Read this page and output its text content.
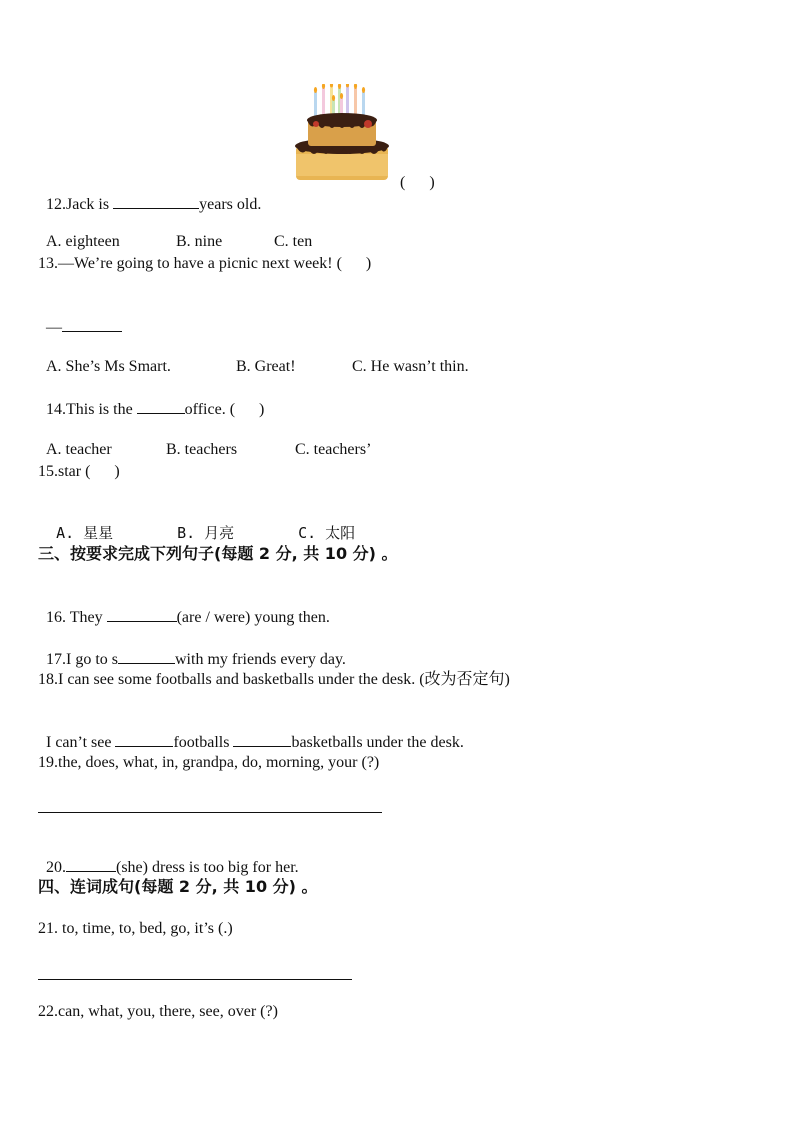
12.Jack is	years old.

(      )

A. eighteen	B. nine	C. ten

13.—We’re going to have a picnic next week! (      )

—

A. She’s Ms Smart.	B. Great!	C. He wasn’t thin.

14.This is the	office. (      )

A. teacher	B. teachers	C. teachers’

15.star (      )

A. 星星	B. 月亮	C. 太阳

三、按要求完成下列句子(每题 2 分, 共 10 分) 。

16. They	(are / were) young then.

17.I go to s	with my friends every day.

18.I can see some footballs and basketballs under the desk. (改为否定句)

I can’t see	footballs	basketballs under the desk.

19.the, does, what, in, grandpa, do, morning, your (?)

20.	(she) dress is too big for her.

四、连词成句(每题 2 分, 共 10 分) 。
21. to, time, to, bed, go, it’s (.)
22.can, what, you, there, see, over (?)
